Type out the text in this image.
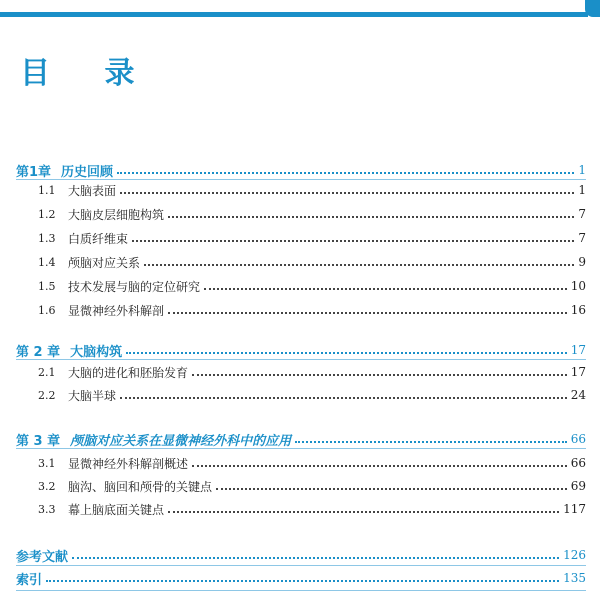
目 录
第1章 历史回顾	1
1.1	大脑表面	1
1.2	大脑皮层细胞构筑	7
1.3	白质纤维束	7
1.4	颅脑对应关系	9
1.5	技术发展与脑的定位研究	10
1.6	显微神经外科解剖	16
第 2 章 大脑构筑	17
2.1	大脑的进化和胚胎发育	17
2.2	大脑半球	24
第 3 章 颅脑对应关系在显微神经外科中的应用	66
3.1	显微神经外科解剖概述	66
3.2	脑沟、脑回和颅骨的关键点	69
3.3	幕上脑底面关键点	117
参考文献	126
索引	135
